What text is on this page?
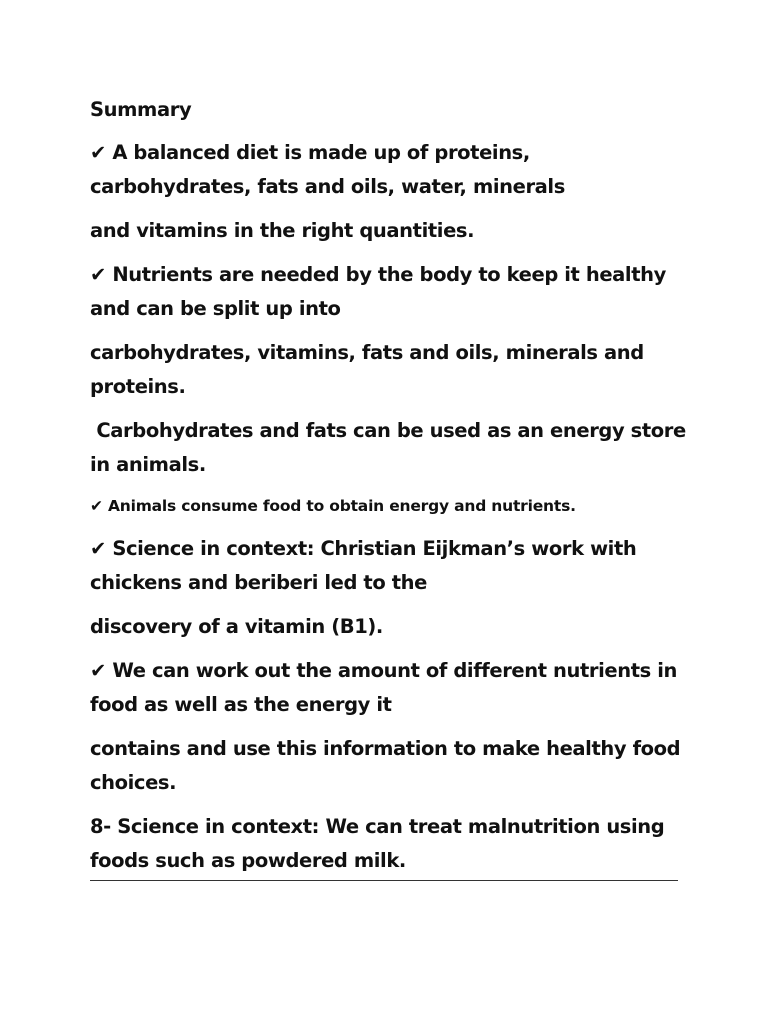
Summary
✔ A balanced diet is made up of proteins,
carbohydrates, fats and oils, water, minerals
and vitamins in the right quantities.
✔ Nutrients are needed by the body to keep it healthy
and can be split up into
carbohydrates, vitamins, fats and oils, minerals and
proteins.
Carbohydrates and fats can be used as an energy store
in animals.
✔ Animals consume food to obtain energy and nutrients.
✔ Science in context: Christian Eijkman’s work with
chickens and beriberi led to the
discovery of a vitamin (B1).
✔ We can work out the amount of different nutrients in
food as well as the energy it
contains and use this information to make healthy food
choices.
8- Science in context: We can treat malnutrition using
foods such as powdered milk.
